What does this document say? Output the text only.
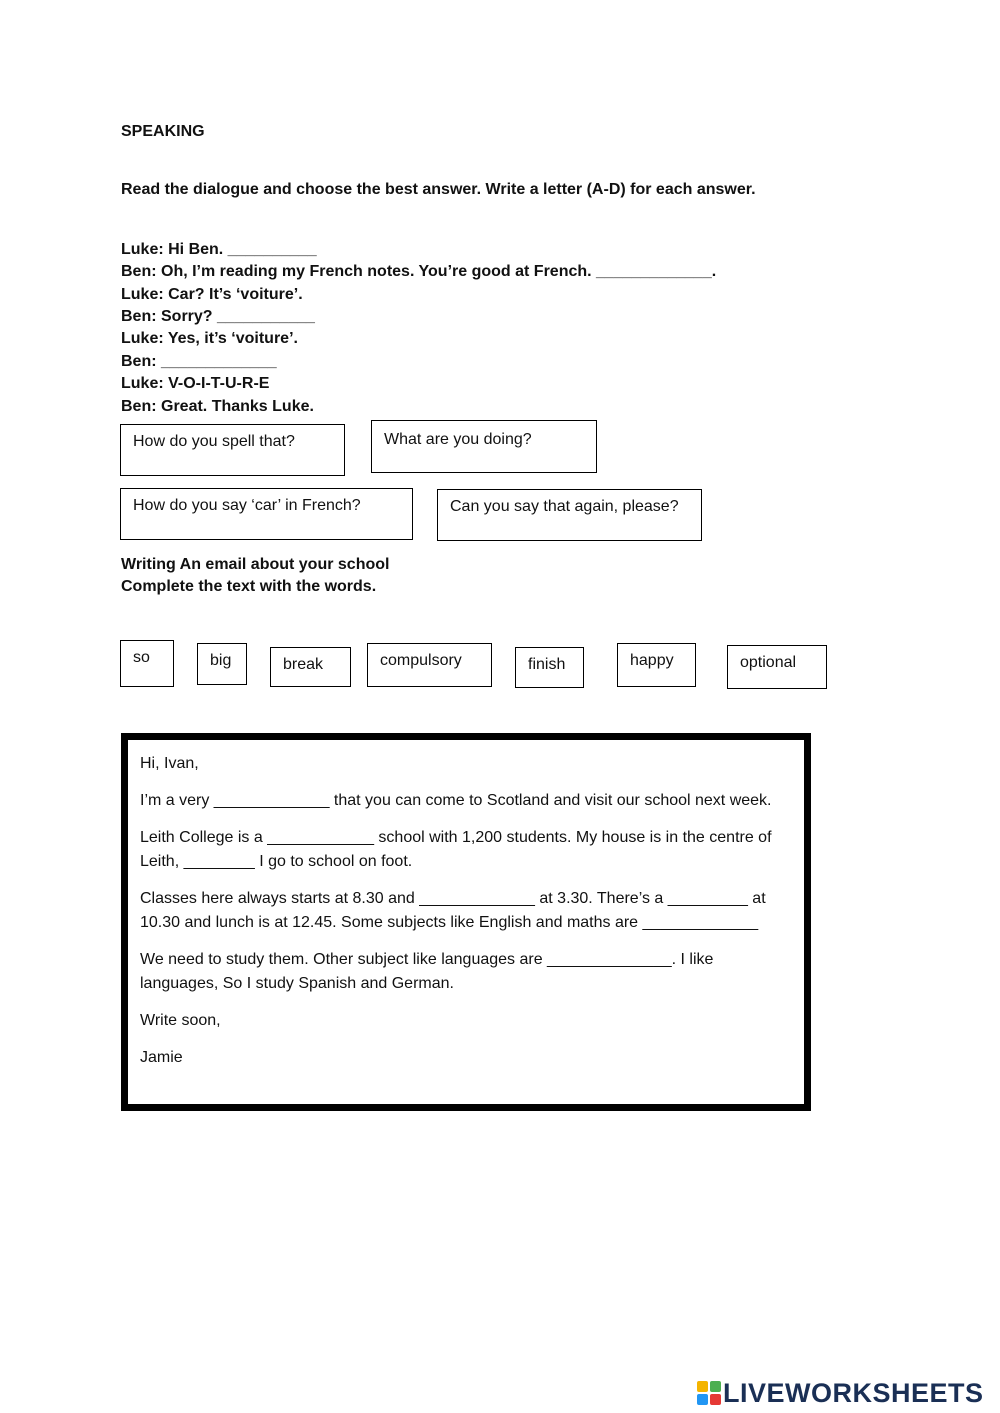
SPEAKING
Read the dialogue and choose the best answer. Write a letter (A-D) for each answer.
Luke: Hi Ben. __________
Ben: Oh, I’m reading my French notes. You’re good at French. _____________.
Luke: Car? It’s ‘voiture’.
Ben: Sorry? ___________
Luke: Yes, it’s ‘voiture’.
Ben: _____________
Luke: V-O-I-T-U-R-E
Ben: Great. Thanks Luke.
How do you spell that?	What are you doing?
How do you say ‘car’ in French?	Can you say that again, please?
Writing An email about your school
Complete the text with the words.
so	big	break	compulsory	finish	happy	optional

Hi, Ivan,

I’m a very _____________ that you can come to Scotland and visit our school next week.

Leith College is a ____________ school with 1,200 students. My house is in the centre of Leith, ________ I go to school on foot.

Classes here always starts at 8.30 and _____________ at 3.30. There’s a _________ at 10.30 and lunch is at 12.45. Some subjects like English and maths are _____________

We need to study them. Other subject like languages are ______________. I like languages, So I study Spanish and German.

Write soon,

Jamie

LIVEWORKSHEETS
